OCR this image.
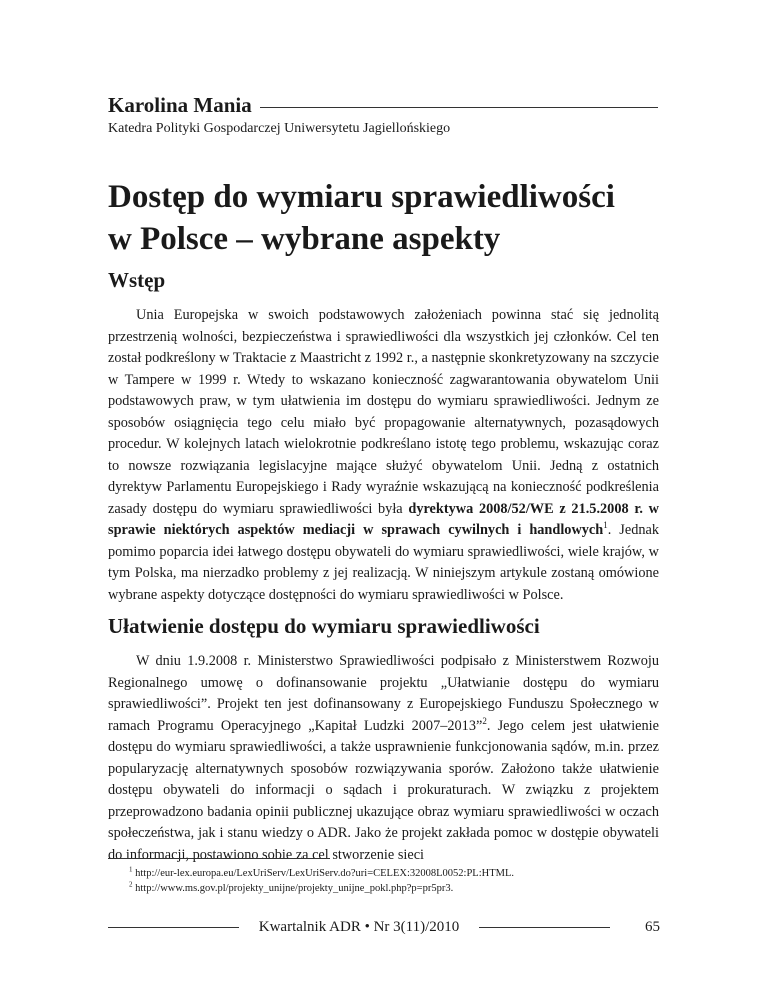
Karolina Mania
Katedra Polityki Gospodarczej Uniwersytetu Jagiellońskiego
Dostęp do wymiaru sprawiedliwości
w Polsce – wybrane aspekty
Wstęp

Unia Europejska w swoich podstawowych założeniach powinna stać się jednolitą przestrzenią wolności, bezpieczeństwa i sprawiedliwości dla wszystkich jej członków. Cel ten został podkreślony w Traktacie z Maastricht z 1992 r., a następnie skonkretyzowany na szczycie w Tampere w 1999 r. Wtedy to wskazano konieczność zagwarantowania obywatelom Unii podstawowych praw, w tym ułatwienia im dostępu do wymiaru sprawiedliwości. Jednym ze sposobów osiągnięcia tego celu miało być propagowanie alternatywnych, pozasądowych procedur. W kolejnych latach wielokrotnie podkreślano istotę tego problemu, wskazując coraz to nowsze rozwiązania legislacyjne mające służyć obywatelom Unii. Jedną z ostatnich dyrektyw Parlamentu Europejskiego i Rady wyraźnie wskazującą na konieczność podkreślenia zasady dostępu do wymiaru sprawiedliwości była dyrektywa 2008/52/WE z 21.5.2008 r. w sprawie niektórych aspektów mediacji w sprawach cywilnych i handlowych$^1$. Jednak pomimo poparcia idei łatwego dostępu obywateli do wymiaru sprawiedliwości, wiele krajów, w tym Polska, ma nierzadko problemy z jej realizacją. W niniejszym artykule zostaną omówione wybrane aspekty dotyczące dostępności do wymiaru sprawiedliwości w Polsce.

Ułatwienie dostępu do wymiaru sprawiedliwości

W dniu 1.9.2008 r. Ministerstwo Sprawiedliwości podpisało z Ministerstwem Rozwoju Regionalnego umowę o dofinansowanie projektu „Ułatwianie dostępu do wymiaru sprawiedliwości”. Projekt ten jest dofinansowany z Europejskiego Funduszu Społecznego w ramach Programu Operacyjnego „Kapitał Ludzki 2007–2013”$^2$. Jego celem jest ułatwienie dostępu do wymiaru sprawiedliwości, a także usprawnienie funkcjonowania sądów, m.in. przez popularyzację alternatywnych sposobów rozwiązywania sporów. Założono także ułatwienie dostępu obywateli do informacji o sądach i prokuraturach. W związku z projektem przeprowadzono badania opinii publicznej ukazujące obraz wymiaru sprawiedliwości w oczach społeczeństwa, jak i stanu wiedzy o ADR. Jako że projekt zakłada pomoc w dostępie obywateli do informacji, postawiono sobie za cel stworzenie sieci

$^1$ http://eur-lex.europa.eu/LexUriServ/LexUriServ.do?uri=CELEX:32008L0052:PL:HTML.
$^2$ http://www.ms.gov.pl/projekty_unijne/projekty_unijne_pokl.php?p=pr5pr3.
Kwartalnik ADR • Nr 3(11)/2010	65
